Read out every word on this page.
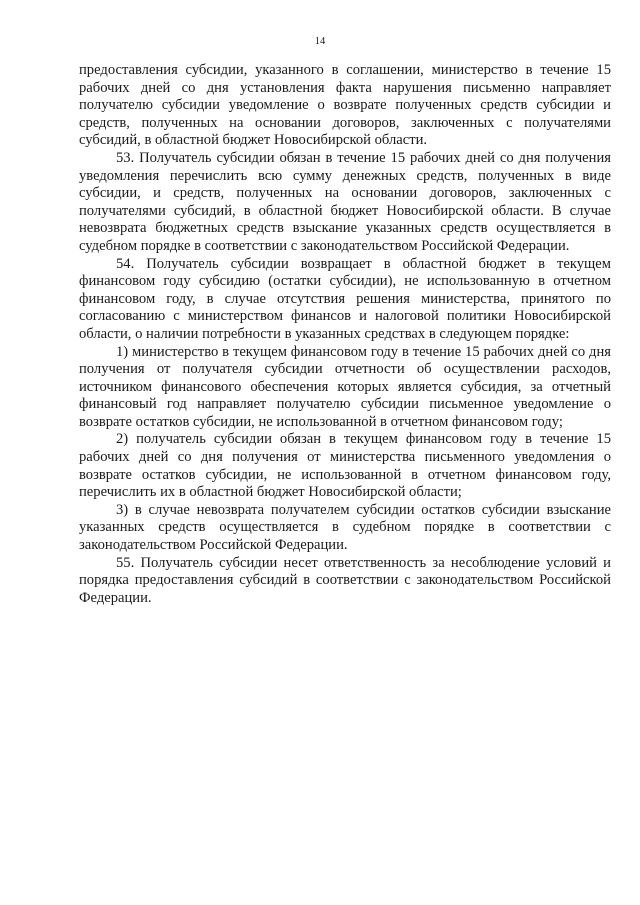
14

предоставления субсидии, указанного в соглашении, министерство в течение 15 рабочих дней со дня установления факта нарушения письменно направляет получателю субсидии уведомление о возврате полученных средств субсидии и средств, полученных на основании договоров, заключенных с получателями субсидий, в областной бюджет Новосибирской области.

53. Получатель субсидии обязан в течение 15 рабочих дней со дня получения уведомления перечислить всю сумму денежных средств, полученных в виде субсидии, и средств, полученных на основании договоров, заключенных с получателями субсидий, в областной бюджет Новосибирской области. В случае невозврата бюджетных средств взыскание указанных средств осуществляется в судебном порядке в соответствии с законодательством Российской Федерации.

54. Получатель субсидии возвращает в областной бюджет в текущем финансовом году субсидию (остатки субсидии), не использованную в отчетном финансовом году, в случае отсутствия решения министерства, принятого по согласованию с министерством финансов и налоговой политики Новосибирской области, о наличии потребности в указанных средствах в следующем порядке:

1) министерство в текущем финансовом году в течение 15 рабочих дней со дня получения от получателя субсидии отчетности об осуществлении расходов, источником финансового обеспечения которых является субсидия, за отчетный финансовый год направляет получателю субсидии письменное уведомление о возврате остатков субсидии, не использованной в отчетном финансовом году;

2) получатель субсидии обязан в текущем финансовом году в течение 15 рабочих дней со дня получения от министерства письменного уведомления о возврате остатков субсидии, не использованной в отчетном финансовом году, перечислить их в областной бюджет Новосибирской области;

3) в случае невозврата получателем субсидии остатков субсидии взыскание указанных средств осуществляется в судебном порядке в соответствии с законодательством Российской Федерации.

55. Получатель субсидии несет ответственность за несоблюдение условий и порядка предоставления субсидий в соответствии с законодательством Российской Федерации.
